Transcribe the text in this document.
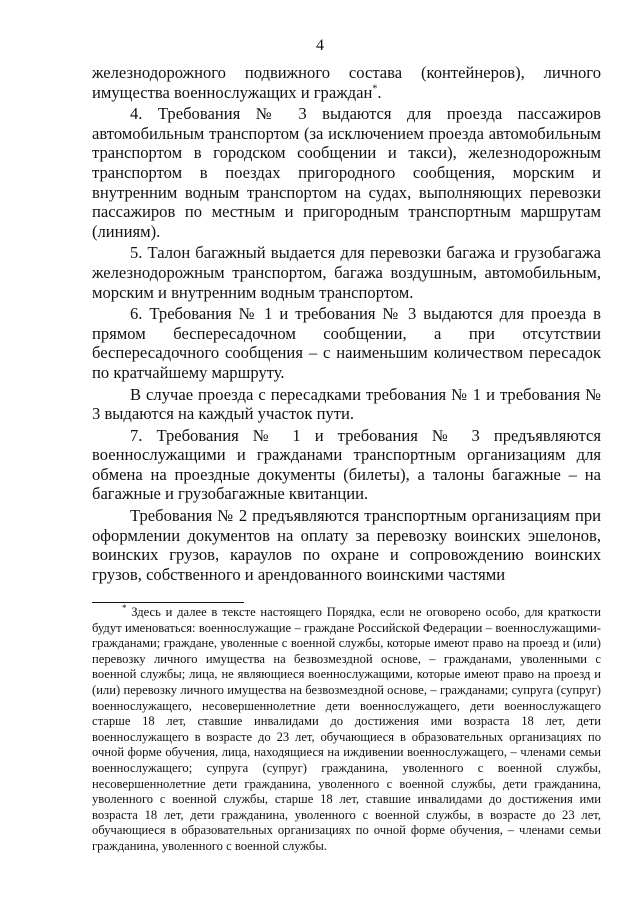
4

железнодорожного подвижного состава (контейнеров), личного имущества военнослужащих и граждан*.

4. Требования № 3 выдаются для проезда пассажиров автомобильным транспортом (за исключением проезда автомобильным транспортом в городском сообщении и такси), железнодорожным транспортом в поездах пригородного сообщения, морским и внутренним водным транспортом на судах, выполняющих перевозки пассажиров по местным и пригородным транспортным маршрутам (линиям).

5. Талон багажный выдается для перевозки багажа и грузобагажа железнодорожным транспортом, багажа воздушным, автомобильным, морским и внутренним водным транспортом.

6. Требования № 1 и требования № 3 выдаются для проезда в прямом беспересадочном сообщении, а при отсутствии беспересадочного сообщения – с наименьшим количеством пересадок по кратчайшему маршруту.

В случае проезда с пересадками требования № 1 и требования № 3 выдаются на каждый участок пути.

7. Требования № 1 и требования № 3 предъявляются военнослужащими и гражданами транспортным организациям для обмена на проездные документы (билеты), а талоны багажные – на багажные и грузобагажные квитанции.

Требования № 2 предъявляются транспортным организациям при оформлении документов на оплату за перевозку воинских эшелонов, воинских грузов, караулов по охране и сопровождению воинских грузов, собственного и арендованного воинскими частями

* Здесь и далее в тексте настоящего Порядка, если не оговорено особо, для краткости будут именоваться: военнослужащие – граждане Российской Федерации – военнослужащими-гражданами; граждане, уволенные с военной службы, которые имеют право на проезд и (или) перевозку личного имущества на безвозмездной основе, – гражданами, уволенными с военной службы; лица, не являющиеся военнослужащими, которые имеют право на проезд и (или) перевозку личного имущества на безвозмездной основе, – гражданами; супруга (супруг) военнослужащего, несовершеннолетние дети военнослужащего, дети военнослужащего старше 18 лет, ставшие инвалидами до достижения ими возраста 18 лет, дети военнослужащего в возрасте до 23 лет, обучающиеся в образовательных организациях по очной форме обучения, лица, находящиеся на иждивении военнослужащего, – членами семьи военнослужащего; супруга (супруг) гражданина, уволенного с военной службы, несовершеннолетние дети гражданина, уволенного с военной службы, дети гражданина, уволенного с военной службы, старше 18 лет, ставшие инвалидами до достижения ими возраста 18 лет, дети гражданина, уволенного с военной службы, в возрасте до 23 лет, обучающиеся в образовательных организациях по очной форме обучения, – членами семьи гражданина, уволенного с военной службы.
